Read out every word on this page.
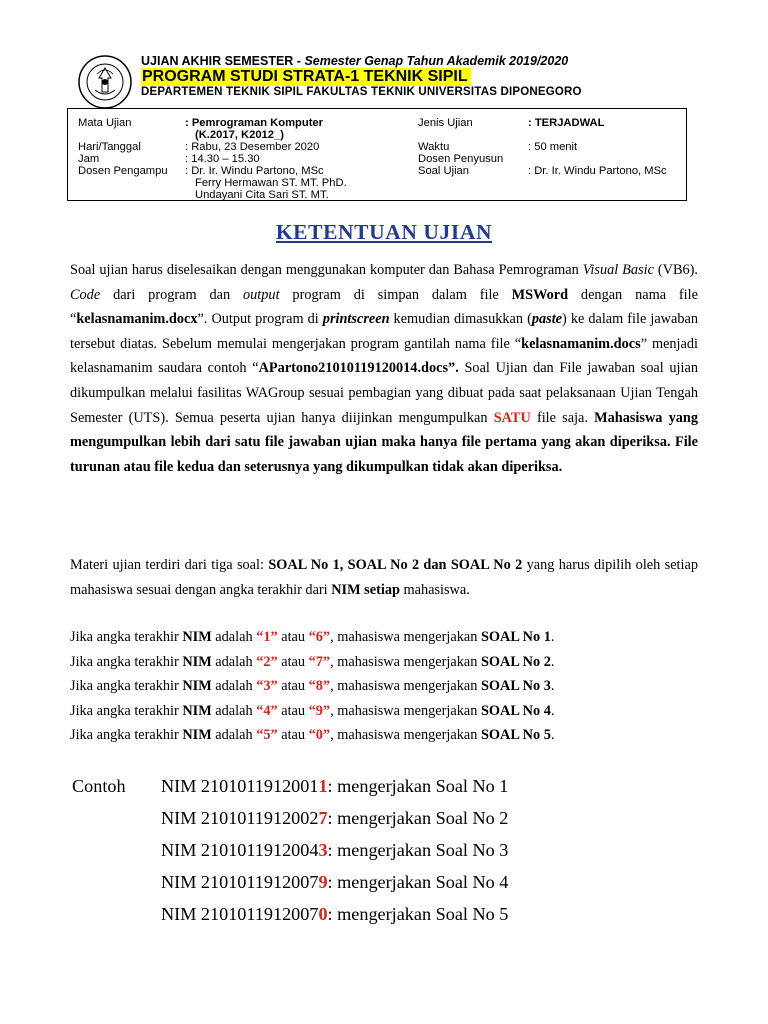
UJIAN AKHIR SEMESTER - Semester Genap Tahun Akademik 2019/2020
PROGRAM STUDI STRATA-1 TEKNIK SIPIL
DEPARTEMEN TEKNIK SIPIL FAKULTAS TEKNIK UNIVERSITAS DIPONEGORO
Mata Ujian	: Pemrograman Komputer
(K.2017, K2012_)
Hari/Tanggal	: Rabu, 23 Desember 2020
Jam	: 14.30 – 15.30
Dosen Pengampu : Dr. Ir. Windu Partono, MSc
Ferry Hermawan ST. MT. PhD.
Undayani Cita Sari ST. MT.
Jenis Ujian	: TERJADWAL
Waktu	: 50 menit
Dosen Penyusun
Soal Ujian	: Dr. Ir. Windu Partono, MSc
KETENTUAN UJIAN
Soal ujian harus diselesaikan dengan menggunakan komputer dan Bahasa Pemrograman Visual Basic (VB6). Code dari program dan output program di simpan dalam file MSWord dengan nama file “kelasnamanim.docx”. Output program di printscreen kemudian dimasukkan (paste) ke dalam file jawaban tersebut diatas. Sebelum memulai mengerjakan program gantilah nama file “kelasnamanim.docs” menjadi kelasnamanim saudara contoh “APartono21010119120014.docs”. Soal Ujian dan File jawaban soal ujian dikumpulkan melalui fasilitas WAGroup sesuai pembagian yang dibuat pada saat pelaksanaan Ujian Tengah Semester (UTS). Semua peserta ujian hanya diijinkan mengumpulkan SATU file saja. Mahasiswa yang mengumpulkan lebih dari satu file jawaban ujian maka hanya file pertama yang akan diperiksa. File turunan atau file kedua dan seterusnya yang dikumpulkan tidak akan diperiksa.
Materi ujian terdiri dari tiga soal: SOAL No 1, SOAL No 2 dan SOAL No 2 yang harus dipilih oleh setiap mahasiswa sesuai dengan angka terakhir dari NIM setiap mahasiswa.
Jika angka terakhir NIM adalah “1” atau “6”, mahasiswa mengerjakan SOAL No 1.
Jika angka terakhir NIM adalah “2” atau “7”, mahasiswa mengerjakan SOAL No 2.
Jika angka terakhir NIM adalah “3” atau “8”, mahasiswa mengerjakan SOAL No 3.
Jika angka terakhir NIM adalah “4” atau “9”, mahasiswa mengerjakan SOAL No 4.
Jika angka terakhir NIM adalah “5” atau “0”, mahasiswa mengerjakan SOAL No 5.
Contoh NIM 21010119120011: mengerjakan Soal No 1
NIM 21010119120027: mengerjakan Soal No 2
NIM 21010119120043: mengerjakan Soal No 3
NIM 21010119120079: mengerjakan Soal No 4
NIM 21010119120070: mengerjakan Soal No 5
